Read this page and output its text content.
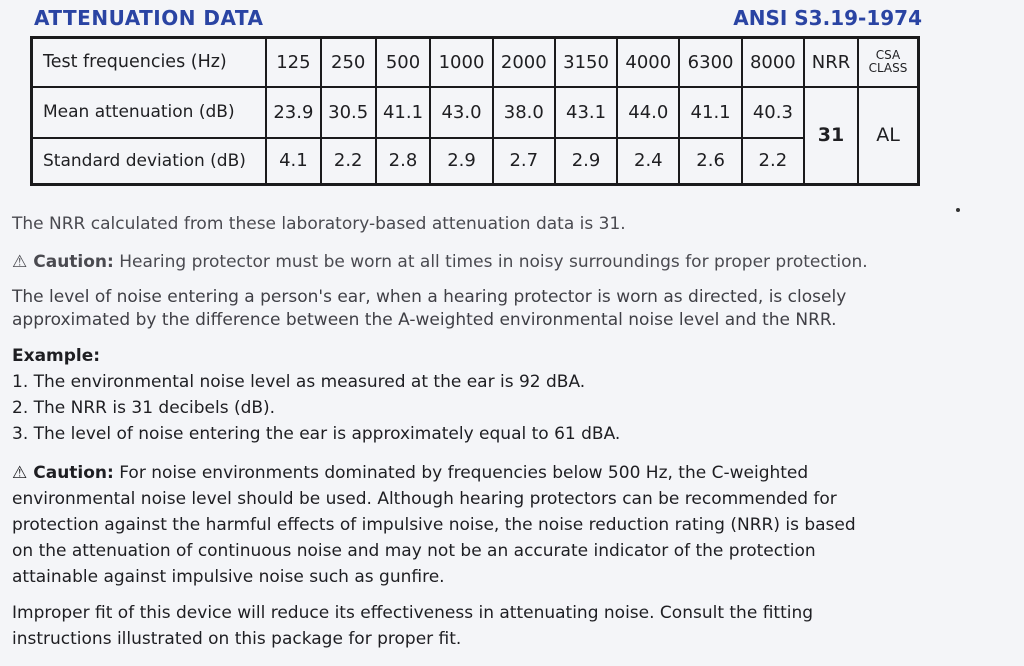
ATTENUATION DATA	ANSI S3.19-1974
Test frequencies (Hz)	125	250	500	1000	2000	3150	4000	6300	8000	NRR	CSA
CLASS
Mean attenuation (dB)	23.9	30.5	41.1	43.0	38.0	43.1	44.0	41.1	40.3	31	AL
Standard deviation (dB)	4.1	2.2	2.8	2.9	2.7	2.9	2.4	2.6	2.2		
The NRR calculated from these laboratory-based attenuation data is 31.
⚠ Caution: Hearing protector must be worn at all times in noisy surroundings for proper protection.
The level of noise entering a person's ear, when a hearing protector is worn as directed, is closely
approximated by the difference between the A-weighted environmental noise level and the NRR.
Example:
1. The environmental noise level as measured at the ear is 92 dBA.
2. The NRR is 31 decibels (dB).
3. The level of noise entering the ear is approximately equal to 61 dBA.
⚠ Caution: For noise environments dominated by frequencies below 500 Hz, the C-weighted
environmental noise level should be used. Although hearing protectors can be recommended for
protection against the harmful effects of impulsive noise, the noise reduction rating (NRR) is based
on the attenuation of continuous noise and may not be an accurate indicator of the protection
attainable against impulsive noise such as gunfire.
Improper fit of this device will reduce its effectiveness in attenuating noise. Consult the fitting
instructions illustrated on this package for proper fit.
